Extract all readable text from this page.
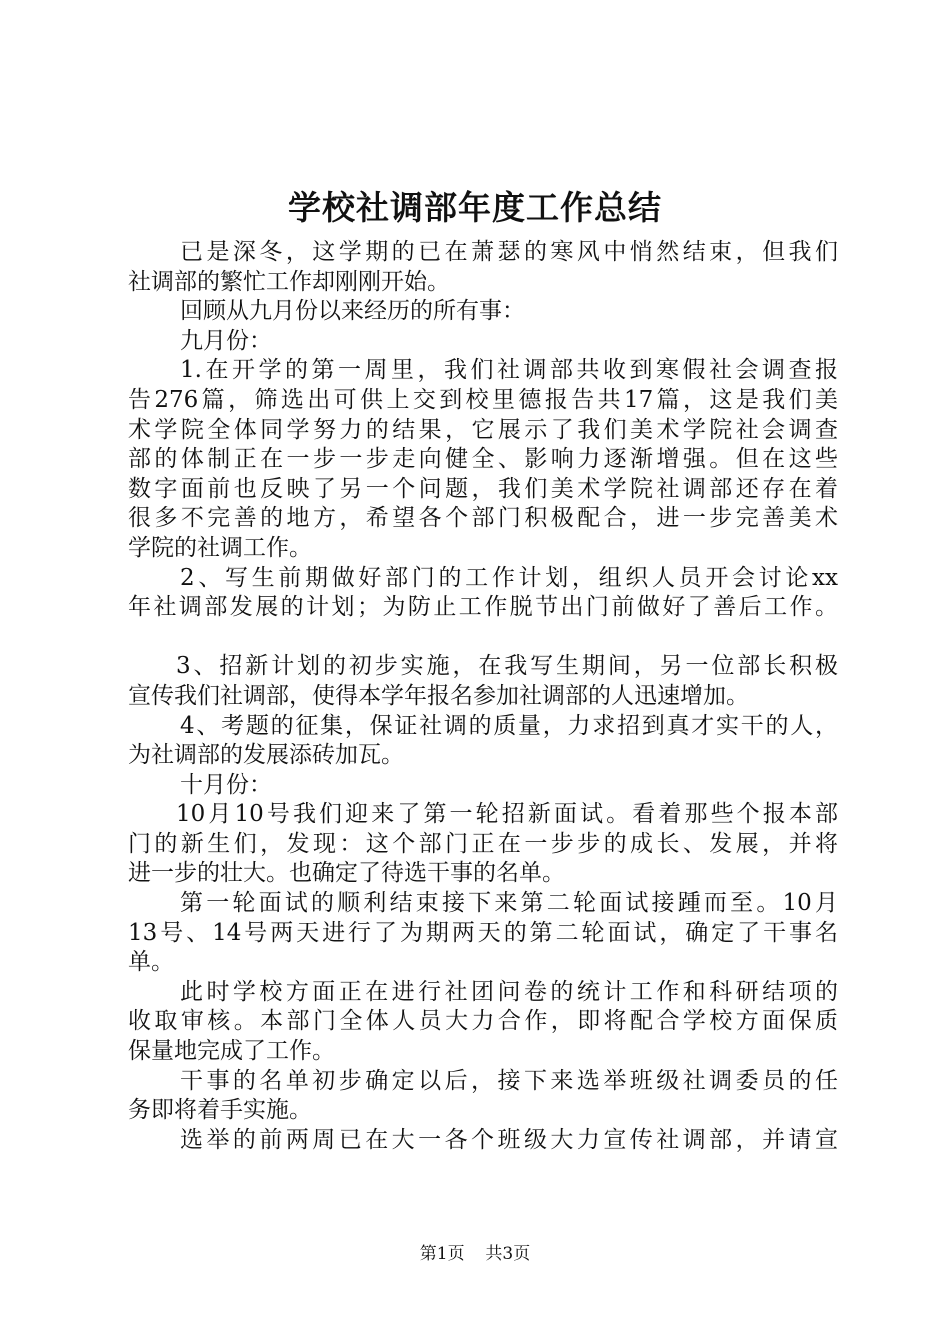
学校社调部年度工作总结
已是深冬，这学期的已在萧瑟的寒风中悄然结束，但我们
社调部的繁忙工作却刚刚开始。
回顾从九月份以来经历的所有事：
九月份：
1.在开学的第一周里，我们社调部共收到寒假社会调查报
告276篇，筛选出可供上交到校里德报告共17篇，这是我们美
术学院全体同学努力的结果，它展示了我们美术学院社会调查
部的体制正在一步一步走向健全、影响力逐渐增强。但在这些
数字面前也反映了另一个问题，我们美术学院社调部还存在着
很多不完善的地方，希望各个部门积极配合，进一步完善美术
学院的社调工作。
2、写生前期做好部门的工作计划，组织人员开会讨论xx
年社调部发展的计划；为防止工作脱节出门前做好了善后工作。
3、招新计划的初步实施，在我写生期间，另一位部长积极
宣传我们社调部，使得本学年报名参加社调部的人迅速增加。
4、考题的征集，保证社调的质量，力求招到真才实干的人，
为社调部的发展添砖加瓦。
十月份：
10月10号我们迎来了第一轮招新面试。看着那些个报本部
门的新生们，发现：这个部门正在一步步的成长、发展，并将
进一步的壮大。也确定了待选干事的名单。
第一轮面试的顺利结束接下来第二轮面试接踵而至。10月
13号、14号两天进行了为期两天的第二轮面试，确定了干事名
单。
此时学校方面正在进行社团问卷的统计工作和科研结项的
收取审核。本部门全体人员大力合作，即将配合学校方面保质
保量地完成了工作。
干事的名单初步确定以后，接下来选举班级社调委员的任
务即将着手实施。
选举的前两周已在大一各个班级大力宣传社调部，并请宣
第1页 共3页
